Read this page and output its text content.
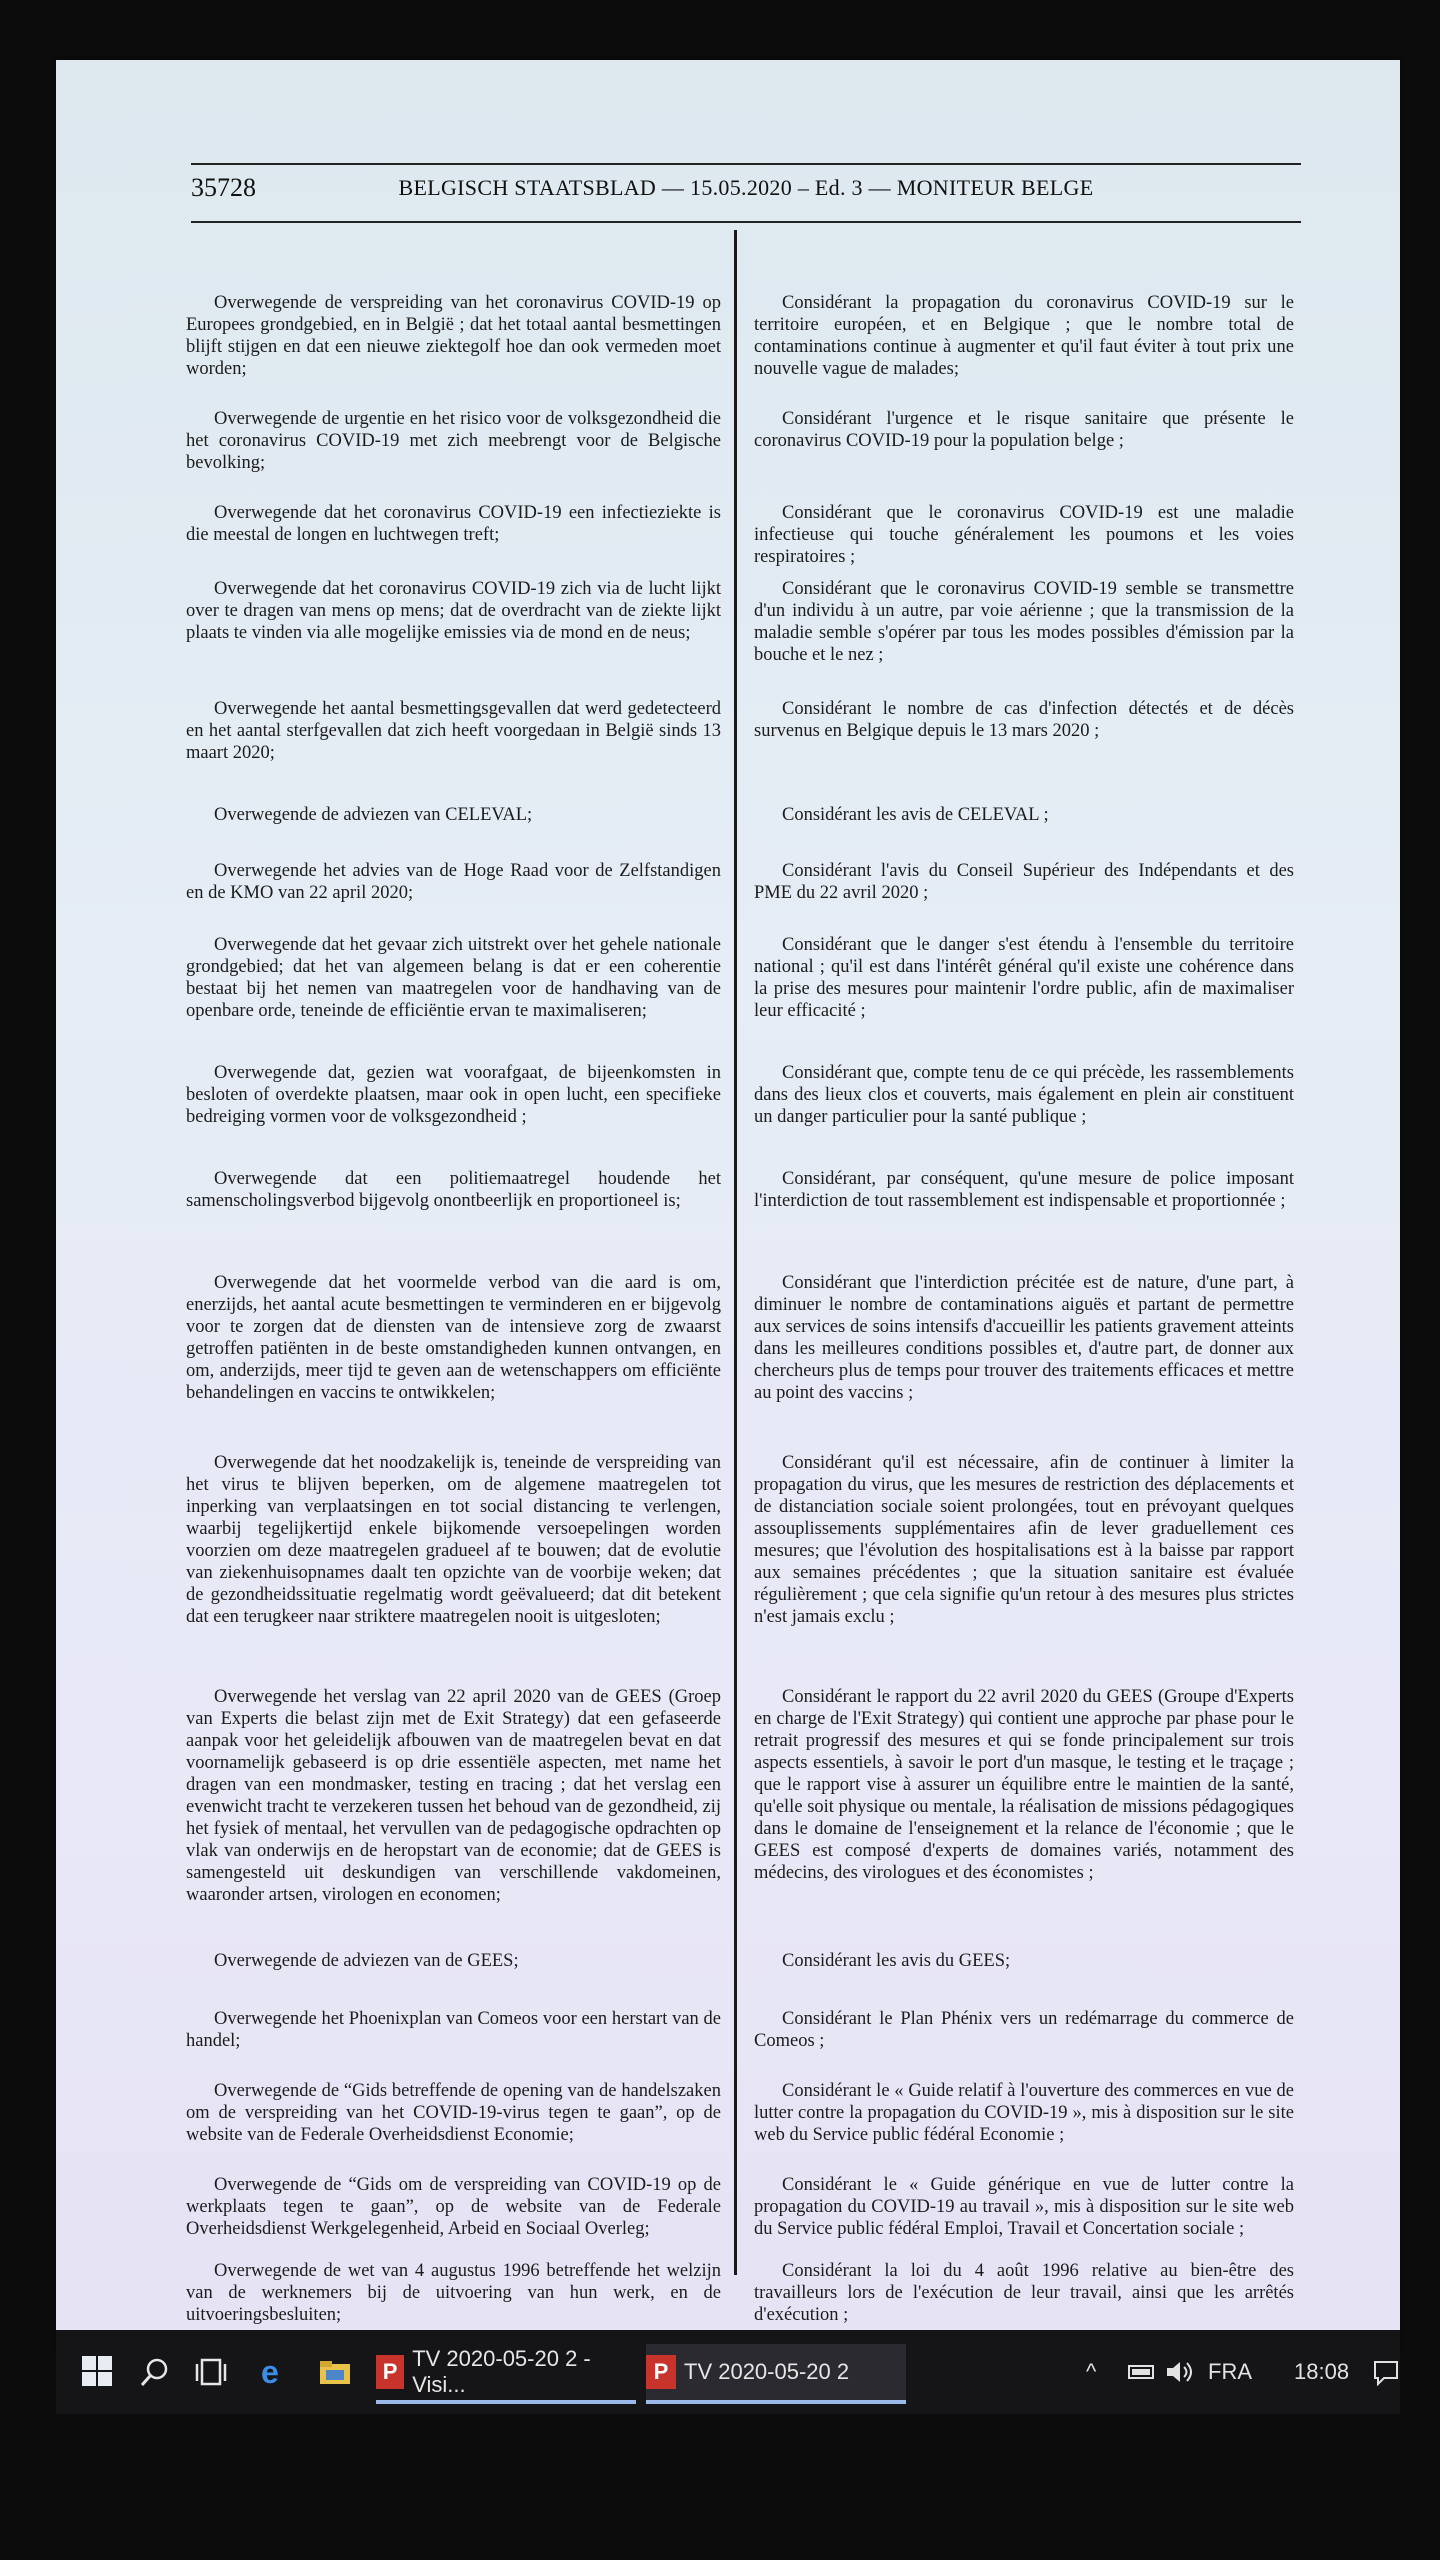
35728	BELGISCH STAATSBLAD — 15.05.2020 – Ed. 3 — MONITEUR BELGE

Overwegende de verspreiding van het coronavirus COVID-19 op Europees grondgebied, en in België ; dat het totaal aantal besmettingen blijft stijgen en dat een nieuwe ziektegolf hoe dan ook vermeden moet worden;

Overwegende de urgentie en het risico voor de volksgezondheid die het coronavirus COVID-19 met zich meebrengt voor de Belgische bevolking;

Overwegende dat het coronavirus COVID-19 een infectieziekte is die meestal de longen en luchtwegen treft;

Overwegende dat het coronavirus COVID-19 zich via de lucht lijkt over te dragen van mens op mens; dat de overdracht van de ziekte lijkt plaats te vinden via alle mogelijke emissies via de mond en de neus;

Overwegende het aantal besmettingsgevallen dat werd gedetecteerd en het aantal sterfgevallen dat zich heeft voorgedaan in België sinds 13 maart 2020;

Overwegende de adviezen van CELEVAL;

Overwegende het advies van de Hoge Raad voor de Zelfstandigen en de KMO van 22 april 2020;

Overwegende dat het gevaar zich uitstrekt over het gehele nationale grondgebied; dat het van algemeen belang is dat er een coherentie bestaat bij het nemen van maatregelen voor de handhaving van de openbare orde, teneinde de efficiëntie ervan te maximaliseren;

Overwegende dat, gezien wat voorafgaat, de bijeenkomsten in besloten of overdekte plaatsen, maar ook in open lucht, een specifieke bedreiging vormen voor de volksgezondheid ;

Overwegende dat een politiemaatregel houdende het samenscholingsverbod bijgevolg onontbeerlijk en proportioneel is;

Overwegende dat het voormelde verbod van die aard is om, enerzijds, het aantal acute besmettingen te verminderen en er bijgevolg voor te zorgen dat de diensten van de intensieve zorg de zwaarst getroffen patiënten in de beste omstandigheden kunnen ontvangen, en om, anderzijds, meer tijd te geven aan de wetenschappers om efficiënte behandelingen en vaccins te ontwikkelen;

Overwegende dat het noodzakelijk is, teneinde de verspreiding van het virus te blijven beperken, om de algemene maatregelen tot inperking van verplaatsingen en tot social distancing te verlengen, waarbij tegelijkertijd enkele bijkomende versoepelingen worden voorzien om deze maatregelen gradueel af te bouwen; dat de evolutie van ziekenhuisopnames daalt ten opzichte van de voorbije weken; dat de gezondheidssituatie regelmatig wordt geëvalueerd; dat dit betekent dat een terugkeer naar striktere maatregelen nooit is uitgesloten;

Overwegende het verslag van 22 april 2020 van de GEES (Groep van Experts die belast zijn met de Exit Strategy) dat een gefaseerde aanpak voor het geleidelijk afbouwen van de maatregelen bevat en dat voornamelijk gebaseerd is op drie essentiële aspecten, met name het dragen van een mondmasker, testing en tracing ; dat het verslag een evenwicht tracht te verzekeren tussen het behoud van de gezondheid, zij het fysiek of mentaal, het vervullen van de pedagogische opdrachten op vlak van onderwijs en de heropstart van de economie; dat de GEES is samengesteld uit deskundigen van verschillende vakdomeinen, waaronder artsen, virologen en economen;

Overwegende de adviezen van de GEES;

Overwegende het Phoenixplan van Comeos voor een herstart van de handel;

Overwegende de “Gids betreffende de opening van de handelszaken om de verspreiding van het COVID-19-virus tegen te gaan”, op de website van de Federale Overheidsdienst Economie;

Overwegende de “Gids om de verspreiding van COVID-19 op de werkplaats tegen te gaan”, op de website van de Federale Overheidsdienst Werkgelegenheid, Arbeid en Sociaal Overleg;

Overwegende de wet van 4 augustus 1996 betreffende het welzijn van de werknemers bij de uitvoering van hun werk, en de uitvoeringsbesluiten;

Considérant la propagation du coronavirus COVID-19 sur le territoire européen, et en Belgique ; que le nombre total de contaminations continue à augmenter et qu'il faut éviter à tout prix une nouvelle vague de malades;

Considérant l'urgence et le risque sanitaire que présente le coronavirus COVID-19 pour la population belge ;

Considérant que le coronavirus COVID-19 est une maladie infectieuse qui touche généralement les poumons et les voies respiratoires ;

Considérant que le coronavirus COVID-19 semble se transmettre d'un individu à un autre, par voie aérienne ; que la transmission de la maladie semble s'opérer par tous les modes possibles d'émission par la bouche et le nez ;

Considérant le nombre de cas d'infection détectés et de décès survenus en Belgique depuis le 13 mars 2020 ;

Considérant les avis de CELEVAL ;

Considérant l'avis du Conseil Supérieur des Indépendants et des PME du 22 avril 2020 ;

Considérant que le danger s'est étendu à l'ensemble du territoire national ; qu'il est dans l'intérêt général qu'il existe une cohérence dans la prise des mesures pour maintenir l'ordre public, afin de maximaliser leur efficacité ;

Considérant que, compte tenu de ce qui précède, les rassemblements dans des lieux clos et couverts, mais également en plein air constituent un danger particulier pour la santé publique ;

Considérant, par conséquent, qu'une mesure de police imposant l'interdiction de tout rassemblement est indispensable et proportionnée ;

Considérant que l'interdiction précitée est de nature, d'une part, à diminuer le nombre de contaminations aiguës et partant de permettre aux services de soins intensifs d'accueillir les patients gravement atteints dans les meilleures conditions possibles et, d'autre part, de donner aux chercheurs plus de temps pour trouver des traitements efficaces et mettre au point des vaccins ;

Considérant qu'il est nécessaire, afin de continuer à limiter la propagation du virus, que les mesures de restriction des déplacements et de distanciation sociale soient prolongées, tout en prévoyant quelques assouplissements supplémentaires afin de lever graduellement ces mesures; que l'évolution des hospitalisations est à la baisse par rapport aux semaines précédentes ; que la situation sanitaire est évaluée régulièrement ; que cela signifie qu'un retour à des mesures plus strictes n'est jamais exclu ;

Considérant le rapport du 22 avril 2020 du GEES (Groupe d'Experts en charge de l'Exit Strategy) qui contient une approche par phase pour le retrait progressif des mesures et qui se fonde principalement sur trois aspects essentiels, à savoir le port d'un masque, le testing et le traçage ; que le rapport vise à assurer un équilibre entre le maintien de la santé, qu'elle soit physique ou mentale, la réalisation de missions pédagogiques dans le domaine de l'enseignement et la relance de l'économie ; que le GEES est composé d'experts de domaines variés, notamment des médecins, des virologues et des économistes ;

Considérant les avis du GEES;

Considérant le Plan Phénix vers un redémarrage du commerce de Comeos ;

Considérant le « Guide relatif à l'ouverture des commerces en vue de lutter contre la propagation du COVID-19 », mis à disposition sur le site web du Service public fédéral Economie ;

Considérant le « Guide générique en vue de lutter contre la propagation du COVID-19 au travail », mis à disposition sur le site web du Service public fédéral Emploi, Travail et Concertation sociale ;

Considérant la loi du 4 août 1996 relative au bien-être des travailleurs lors de l'exécution de leur travail, ainsi que les arrêtés d'exécution ;

e	P
TV 2020-05-20 2 - Visi...
P TV 2020-05-20 2	^	FRA 18:08
